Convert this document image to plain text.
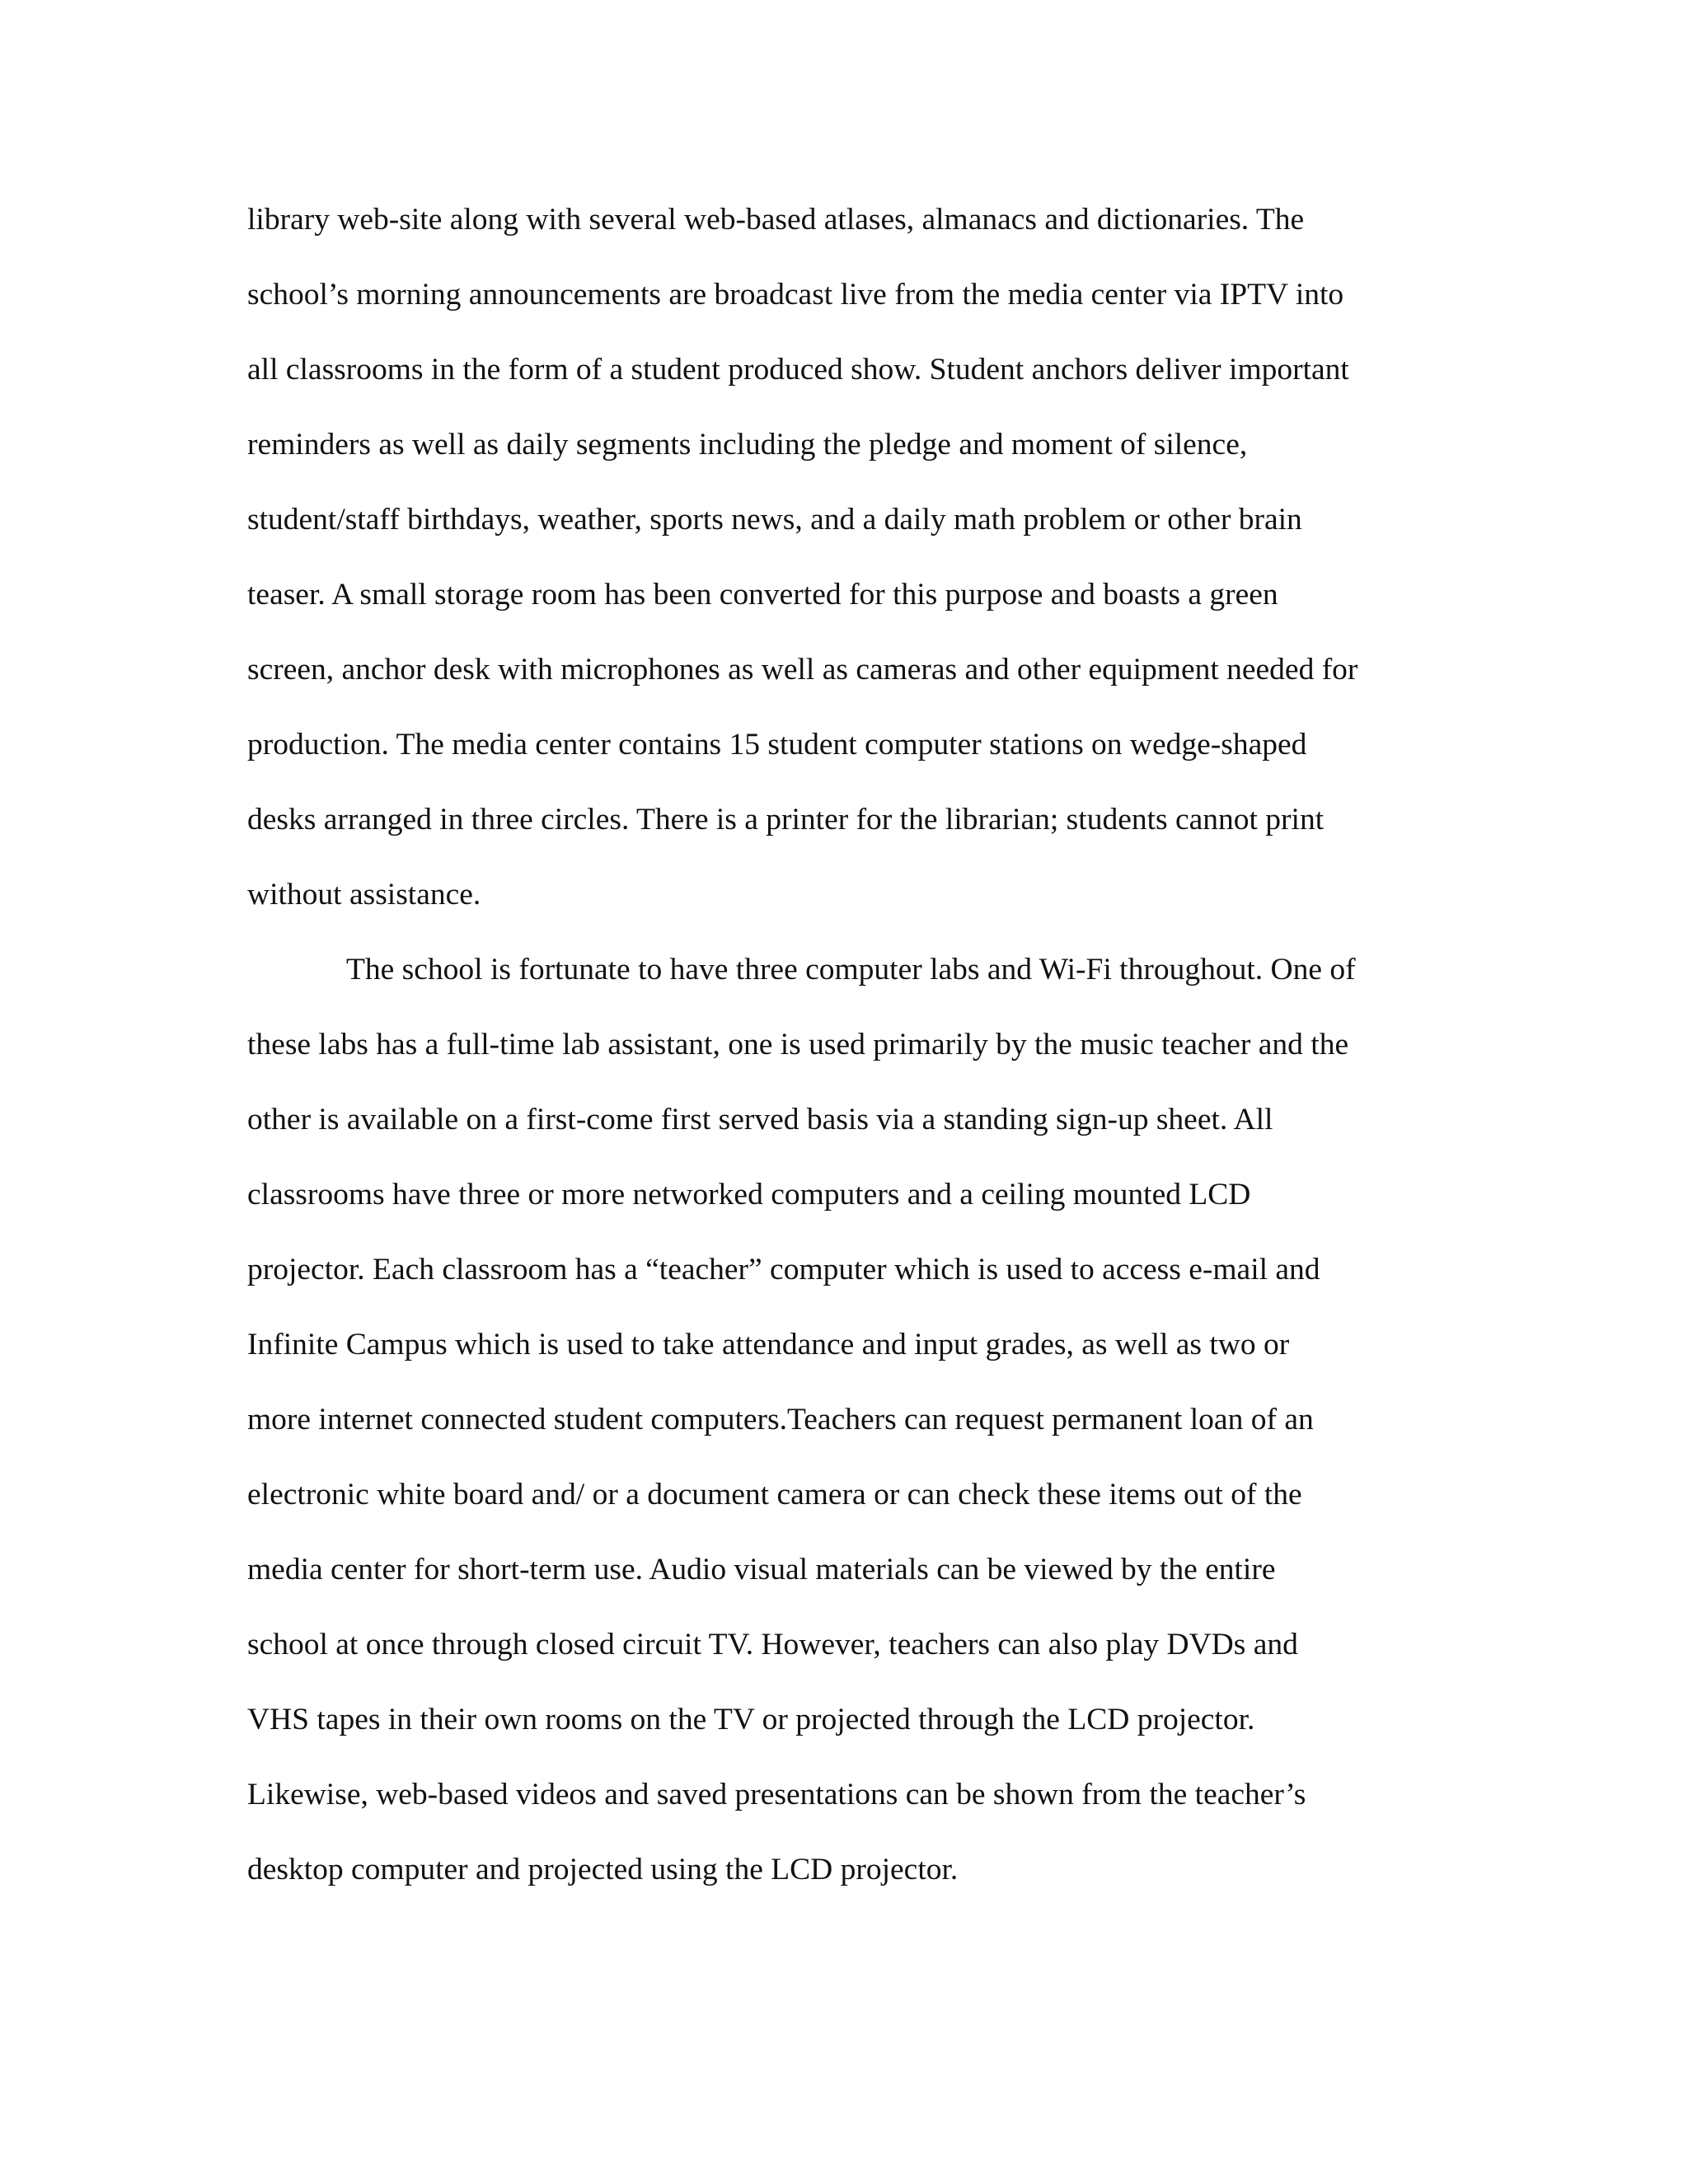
library web-site along with several web-based atlases, almanacs and dictionaries. The
school’s morning announcements are broadcast live from the media center via IPTV into
all classrooms in the form of a student produced show. Student anchors deliver important
reminders as well as daily segments including the pledge and moment of silence,
student/staff birthdays, weather, sports news, and a daily math problem or other brain
teaser. A small storage room has been converted for this purpose and boasts a green
screen, anchor desk with microphones as well as cameras and other equipment needed for
production. The media center contains 15 student computer stations on wedge-shaped
desks arranged in three circles. There is a printer for the librarian; students cannot print
without assistance.
The school is fortunate to have three computer labs and Wi-Fi throughout. One of
these labs has a full-time lab assistant, one is used primarily by the music teacher and the
other is available on a first-come first served basis via a standing sign-up sheet. All
classrooms have three or more networked computers and a ceiling mounted LCD
projector. Each classroom has a “teacher” computer which is used to access e-mail and
Infinite Campus which is used to take attendance and input grades, as well as two or
more internet connected student computers.Teachers can request permanent loan of an
electronic white board and/ or a document camera or can check these items out of the
media center for short-term use. Audio visual materials can be viewed by the entire
school at once through closed circuit TV. However, teachers can also play DVDs and
VHS tapes in their own rooms on the TV or projected through the LCD projector.
Likewise, web-based videos and saved presentations can be shown from the teacher’s
desktop computer and projected using the LCD projector.
